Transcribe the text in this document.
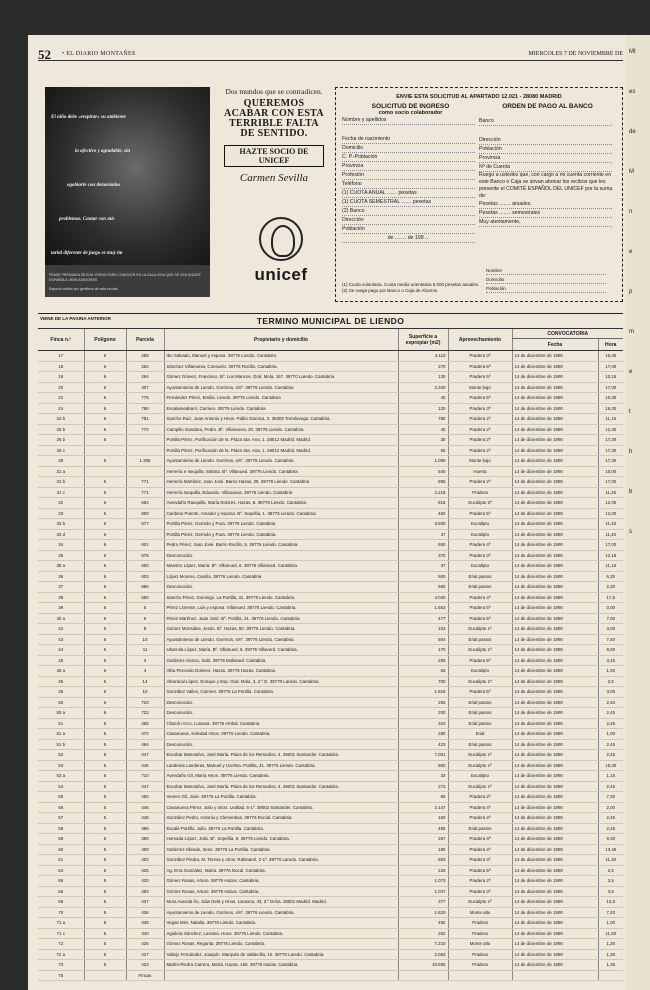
52 • EL DIARIO MONTAÑES	MIERCOLES 7 DE NOVIEMBRE DE
El niño debe «respirar» su ambiente
lo afectivo y agradable, sin
ogobiarle con demasiados
problemas. Cantar con mis
tarlal diferente de juego es muy im
FRASE PREMIADA SEGÚN VERSO PARA CONOCER EN LA SALA VIDA QUE SE VEA UNICEF ESPAÑOLA. 8000 ASESORES
Espacio cedido por gentileza de esta revista
Dos mundos que se contradicen.
QUEREMOS ACABAR CON ESTA TERRIBLE FALTA DE SENTIDO.
HAZTE SOCIO DE UNICEF
Carmen Sevilla
unicef
ENVIE ESTA SOLICITUD AL APARTADO 12.021 - 28080 MADRID
SOLICITUD DE INGRESO
como socio colaborador
Nombre y apellidos
Fecha de nacimiento
Domicilio
C. P.-Población
Provincia
Profesión
Teléfono
(1) CUOTA ANUAL ....... pesetas
(1) CUOTA SEMESTRAL ....... pesetas
(2) Banco
Dirección
Población
de ........ de 199 ...
ORDEN DE PAGO AL BANCO
Banco
Dirección
Población
Provincia
Nº de Cuenta
Ruego a ustedes que, con cargo a mi cuenta corriente en este Banco o Caja se sirvan abonar los recibos que les presente el COMITÉ ESPAÑOL DEL UNICEF por la suma de:
Pesetas ........ anuales.
Pesetas ........ semestrales
Muy atentamente,
(1) Cuota voluntaria. Cuota media orientativa 5.000 pesetas anuales.
(2) Se ruega pago por Banco o Caja de Ahorros
Nombre
Domicilio
Población
VIENE DE LA PAGINA ANTERIOR	TERMINO MUNICIPAL DE LIENDO
Finca n.º	Polígono	Parcela	Propietario y domicilio	Superficie a expropiar (m2)	Aprovechamiento	CONVOCATORIA	
						Fecha	Hora
17	6	258	Ibo Salvado, Manuel y esposa. 39776 Liendo. Cantabria.	4.110	Pradera 3ª	14 de diciembre de 1990	16,30
18	6	262	Sánchez Villanueva, Consuelo. 39776 Rocillo. Cantabria.	270	Pradera 6ª	14 de diciembre de 1990	17,00
19	6	264	Gómez Gómez, Francisco. Bº. Los Mancos. Gral. Mola, 167. 39770 Laredo. Cantabria	130	Pradera 5ª	14 de diciembre de 1990	10,15
20	6	307	Ayuntamiento de Liendo. Gorrinos, s/nº. 39776 Liendo. Cantabria	3.320	Monte bajo	14 de diciembre de 1990	17,00
22	6	775	Fernández Pérez, Emilia. Liendo. 39776 Liendo. Cantabria	40	Pradera 5ª	14 de diciembre de 1990	10,30
24	6	780	Escalameabarri, Carmen. 39776 Liendo. Cantabria	120	Pradera 3ª	14 de diciembre de 1990	16,30
24 b	6	781	Sancho Ruiz, Juan Antonio y Hnos. Pablo Garnica, 3. 39300 Torrelavega. Cantabria.	780	Pradera 2ª	14 de diciembre de 1990	11,15
25 b	6	772	Campillo Gandara, Pedro. Bº. Villanueva, 20. 39776 Liendo. Cantabria	40	Pradera 2ª	14 de diciembre de 1990	12,30
26 b	6		Portilla Pérez, Purificación de la. Plaza Sta. Ana, 1. 28012 Madrid. Madrid.	30	Pradera 2ª	14 de diciembre de 1990	17,30
26 c			Portilla Pérez, Purificación de la. Plaza Sta. Ana, 1. 28012 Madrid. Madrid.	55	Pradera 2ª	14 de diciembre de 1990	17,30
29	6	1.305	Ayuntamiento de Liendo. Gorrinos, s/nº. 39776 Liendo. Cantabria.	1.090	Monte bajo	14 de diciembre de 1990	17,30
31 a			Herrería e Isequilla, Sabina. Bº. Villanued. 39776 Liendo. Cantabria	540	Huerta	14 de diciembre de 1990	10,00
31 b	6	771	Herrería Martínez, Juan José. Barrio Hazas, 25. 39776 Liendo. Cantabria	895	Pradera 2ª	14 de diciembre de 1990	17,00
31 c	6	771	Herrería Isequilla, Eduardo. Villanueva. 39776 Liendo. Cantabria	2.218	Pradera	14 de diciembre de 1990	11,25
32	6	694	Avendaño Rasquilla, María Dolores. Hazas, 8. 39776 Liendo. Cantabria.	815	Eucalipto 2ª	14 de diciembre de 1990	12,05
33	6	800	Cardeno Puente, Amador y esposa. Bº. Sepellía, 1. 39776 Liendo. Cantabria.	460	Pradera 5ª	14 de diciembre de 1990	12,00
33 b	6	677	Portilla Pérez, Germán y Pura. 39776 Liendo. Cantabria	3.500	Eucalipto	14 de diciembre de 1990	11,45
33 d	6		Portilla Pérez, Germán y Pura. 39776 Liendo. Cantabria.	37	Eucalipto	14 de diciembre de 1990	11,40
34	6	601	Pedro Pérez, Juan José. Barrio Rocillo, 5. 39776 Liendo. Cantabria.	650	Pradera 4ª	14 de diciembre de 1990	17,00
35	6	675	Desconocido.	370	Pradera 3ª	14 de diciembre de 1990	12,15
35 a	6	600	Maestro López, María. Bº. Villanued, 6. 39776 Villanued. Cantabria.	37	Eucalipto	14 de diciembre de 1990	11,15
36	6	603	López Moreno, Camila. 39776 Liendo. Cantabria	500	Erial pastos	14 de diciembre de 1990	6,30
37	6	886	Desconocido.	560	Erial pastos	14 de diciembre de 1990	2,30
38	6	590	Sancho Pérez, Domingo. La Portilla, 31. 39776 Liendo. Cantabria.	4.040	Pradera 4ª	14 de diciembre de 1990	17,5
39	6	5	Pérez Llorente, Luis y esposa. Villanued. 39776 Liendo. Cantabria.	1.653	Pradera 5ª	14 de diciembre de 1990	0,00
40 a	6	6	Pérez Martínez, Juan José. Bº. Portilla, 31. 39776 Liendo. Cantabria.	477	Pradera 5ª	14 de diciembre de 1990	7,00
42	6	8	Gómez Monsalve, Jesús. Bº. Hazas, 50. 39776 Liendo. Cantabria.	103	Eucalipto 1ª	14 de diciembre de 1990	3,00
43	6	10	Ayuntamiento de Liendo. Gorrinos, s/nº. 39776 Liendo. Cantabria.	504	Erial pastos	14 de diciembre de 1990	7,40
44	6	11	Ubarrola López, María. Bº. Villanued, 6. 39776 Villaverd. Cantabria.	170	Eucalipto 1ª	14 de diciembre de 1990	8,00
45	6	3	Gutiérrez Alonso, Saló. 39776 Mollaned. Cantabria.	259	Pradera 5ª	14 de diciembre de 1990	3,45
45 a	6	4	Alba Pecondo Dolores. Hazas. 39776 Hazas. Cantabria.	63	Eucalipto	14 de diciembre de 1990	1,00
46	6	14	Alborácal López, Enrique y Esp. Gral. Mola, 3, 2.º D. 39770 Laredo. Cantabria.	700	Eucalipto 1ª	14 de diciembre de 1990	2,5
49	6	10	González Valles, Carmen. 39776 La Portilla. Cantabria.	1.816	Pradera 5ª	14 de diciembre de 1990	3,00
50	6	720	Desconocido.	293	Erial pastos	14 de diciembre de 1990	2,40
50 a	6	722	Desconocido.	200	Erial pastos	14 de diciembre de 1990	2,45
51	5	465	Chacón Arco, Luisana. 39776 Ambal. Cantabria.	310	Erial pastos	14 de diciembre de 1990	2,45
51 a	5	470	Casanueva, Soledad Hnos. 39776 Liendo. Cantabria.	280	Erial	14 de diciembre de 1990	1,00
51 b	5	464	Desconocido.	423	Erial pastos	14 de diciembre de 1990	2,45
52	5	447	Escobar Manotalvo, José María. Plaza de los Remedios, 4. 39001 Santander. Cantabria.	7.001	Eucalipto 1ª	14 de diciembre de 1990	2,45
53	5	446	Landeras Landeras, Manuel y Ucelma. Portilla, 41. 39776 Liendo. Cantabria.	900	Eucalipto 1ª	14 de diciembre de 1990	16,30
53 a	6	710	Avendaño Gil, María Hnos. 39776 Liendo. Cantabria.	33	Eucalipto	14 de diciembre de 1990	1,15
54	5	447	Escobar Manotalvo, José María. Plaza de los Remedios, 4. 39001 Santander. Cantabria.	273	Eucalipto 1ª	14 de diciembre de 1990	2,45
55	5	450	Venero Gil, José. 39776 La Portilla. Cantabria.	65	Pradera 2ª	14 de diciembre de 1990	7,30
56	5	446	Casanueva Pérez, Julio y otros. Lealtad, 5-1º. 39002 Santander. Cantabria.	2.147	Pradera 4ª	14 de diciembre de 1990	2,00
57	5	445	González Pedro, Antonio y Clementina. 39776 Rocial. Cantabria.	160	Pradera 4ª	14 de diciembre de 1990	2,45
58	5	396	Escalé Portillo, Julio. 39776 La Portilla. Cantabria.	455	Erial pastos	14 de diciembre de 1990	2,45
59	5	396	Hornada López, Julio. Bº. Sepellía, 9. 39776 Liendo. Cantabria.	267	Pradera 4ª	14 de diciembre de 1990	9,30
60	5	400	Gutiérrez Allende, Irene. 39776 La Portilla. Cantabria.	190	Pradera 4ª	14 de diciembre de 1990	13,45
61	5	402	González Piedra, M. Teresa y otros. Rabinarol, 2-1º. 39770 Laredo. Cantabria.	553	Pradera 4ª	14 de diciembre de 1990	11,30
63	5	425	Ag. Erra González, María. 39776 Nocal. Cantabria.	225	Pradera 5ª	14 de diciembre de 1990	2,5
65	5	420	Gómez Rosas, Arturo. 39776 Hazas. Cantabria.	1.073	Pradera 2ª	14 de diciembre de 1990	3,5
66	5	383	Gómez Rosas, Arturo. 39776 Hazas. Cantabria.	1.047	Pradera 3ª	14 de diciembre de 1990	3,5
68	5	437	Mora Avenda ño, Julia Gela y Hnos. Lacasca, 43, 3.º Dcha. 28001 Madrid. Madrid.	377	Eucalipto 1ª	14 de diciembre de 1990	13,5
70	5	436	Ayuntamiento de Liendo. Gorrinos, s/nº. 39776 Liendo. Cantabria.	1.820	Monte alto	14 de diciembre de 1990	7,20
71 a	5	339	Vegas Mier, Natalia. 39776 Liendo. Cantabria.	450	Pradera	14 de diciembre de 1990	1,00
71 c	5	340	Aguilera Sánchez, Luciana. Hnos. 39776 Liendo. Cantabria.	252	Pradera	14 de diciembre de 1990	11,00
72	5	426	Gómez Rosas, Regarita. 39776 Liendo. Cantabria.	7.210	Monte alto	14 de diciembre de 1990	1,30
72 a	5	427	Vallejo Fernández, Joaquín. Marqués de Valdecilla, 10. 39770 Laredo. Cantabria.	2.063	Pradera	14 de diciembre de 1990	1,30
73	5	423	Martín-Piedra Carrera, María. Hazas, 156. 39776 Hazas. Cantabria.	10.690	Pradera	14 de diciembre de 1990	1,35
75		Fincas					
MI
es
de
M
n
e
p
m
e
t
h
b
s
